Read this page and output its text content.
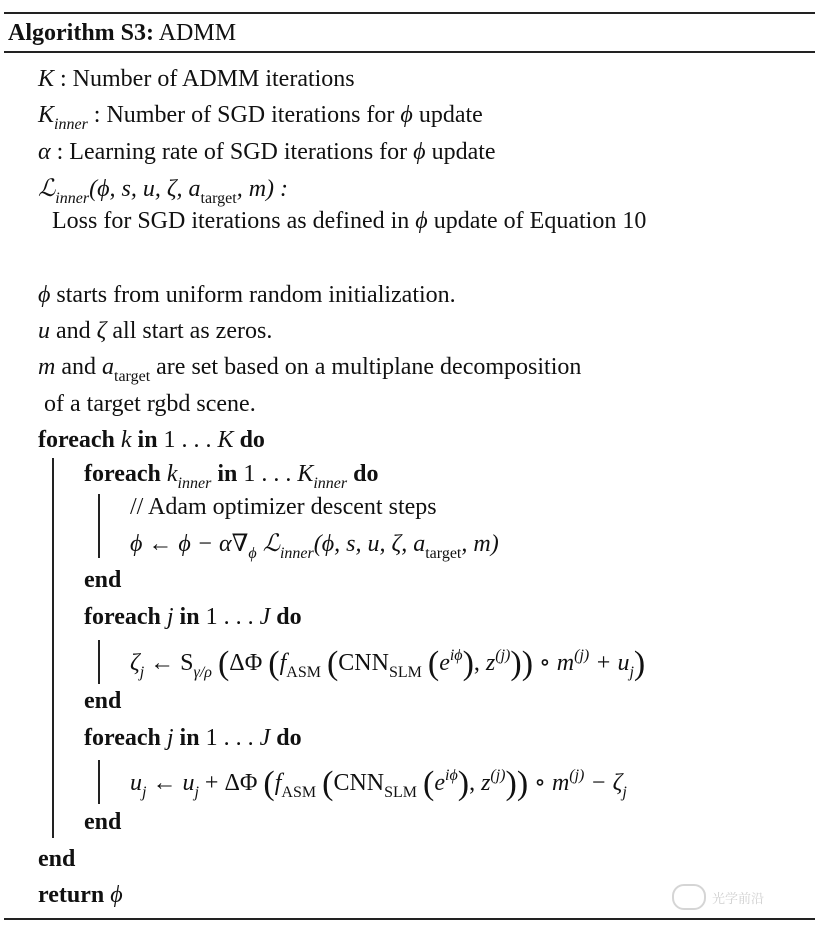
Algorithm S3: ADMM
K : Number of ADMM iterations
$K_{inner}$ : Number of SGD iterations for ϕ update
α : Learning rate of SGD iterations for ϕ update
ℒ$_{inner}$(ϕ, s, u, ζ, $a_{target}$, m) :
Loss for SGD iterations as defined in ϕ update of Equation 10
ϕ starts from uniform random initialization.
u and ζ all start as zeros.
m and $a_{target}$ are set based on a multiplane decomposition
of a target rgbd scene.
foreach k in 1 . . . K do
foreach $k_{inner}$ in 1 . . . $K_{inner}$ do
// Adam optimizer descent steps
ϕ ← $\phi - \alpha\nabla_\phi$ ℒ$_{inner}$(ϕ, s, u, ζ, $a_{target}$, m)
end
foreach j in 1 . . . J do
$\zeta_j$ ← $S_{\gamma/\rho}$ (ΔΦ ($f_{ASM}$ ($CNN_{SLM}$ $(e^{i\phi})$, $z^{(j)}$)) ∘ $m^{(j)} + u_j$)
end
foreach j in 1 . . . J do
$u_j$ ← $u_j + \Delta\Phi$ ($f_{ASM}$ ($CNN_{SLM}$ $(e^{i\phi})$, $z^{(j)}$)) ∘ $m^{(j)} - \zeta_j$
end
end
return ϕ	光学前沿
